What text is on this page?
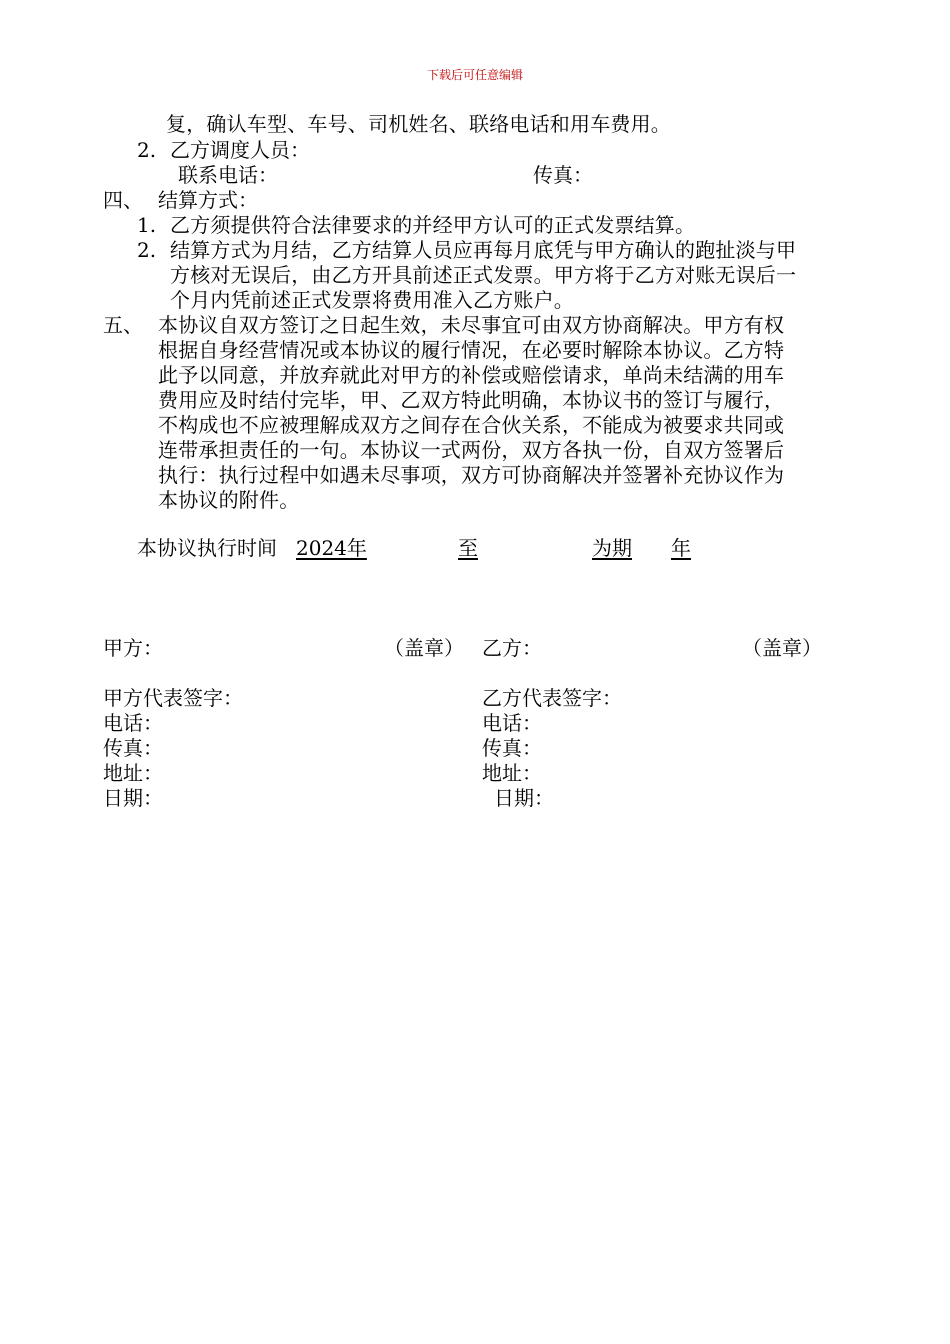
下载后可任意编辑
复，确认车型、车号、司机姓名、联络电话和用车费用。
2. 乙方调度人员：
联系电话：	传真：
四、 结算方式：
1. 乙方须提供符合法律要求的并经甲方认可的正式发票结算。
2. 结算方式为月结，乙方结算人员应再每月底凭与甲方确认的跑扯淡与甲
方核对无误后，由乙方开具前述正式发票。甲方将于乙方对账无误后一
个月内凭前述正式发票将费用准入乙方账户。
五、 本协议自双方签订之日起生效，未尽事宜可由双方协商解决。甲方有权
根据自身经营情况或本协议的履行情况，在必要时解除本协议。乙方特
此予以同意，并放弃就此对甲方的补偿或赔偿请求，单尚未结满的用车
费用应及时结付完毕，甲、乙双方特此明确，本协议书的签订与履行，
不构成也不应被理解成双方之间存在合伙关系，不能成为被要求共同或
连带承担责任的一句。本协议一式两份，双方各执一份，自双方签署后
执行：执行过程中如遇未尽事项，双方可协商解决并签署补充协议作为
本协议的附件。
本协议执行时间 2024年	至	为期 年
甲方：	（盖章） 乙方：	（盖章）
甲方代表签字：	乙方代表签字：
电话：	电话：
传真：	传真：
地址：	地址：
日期：	日期：
